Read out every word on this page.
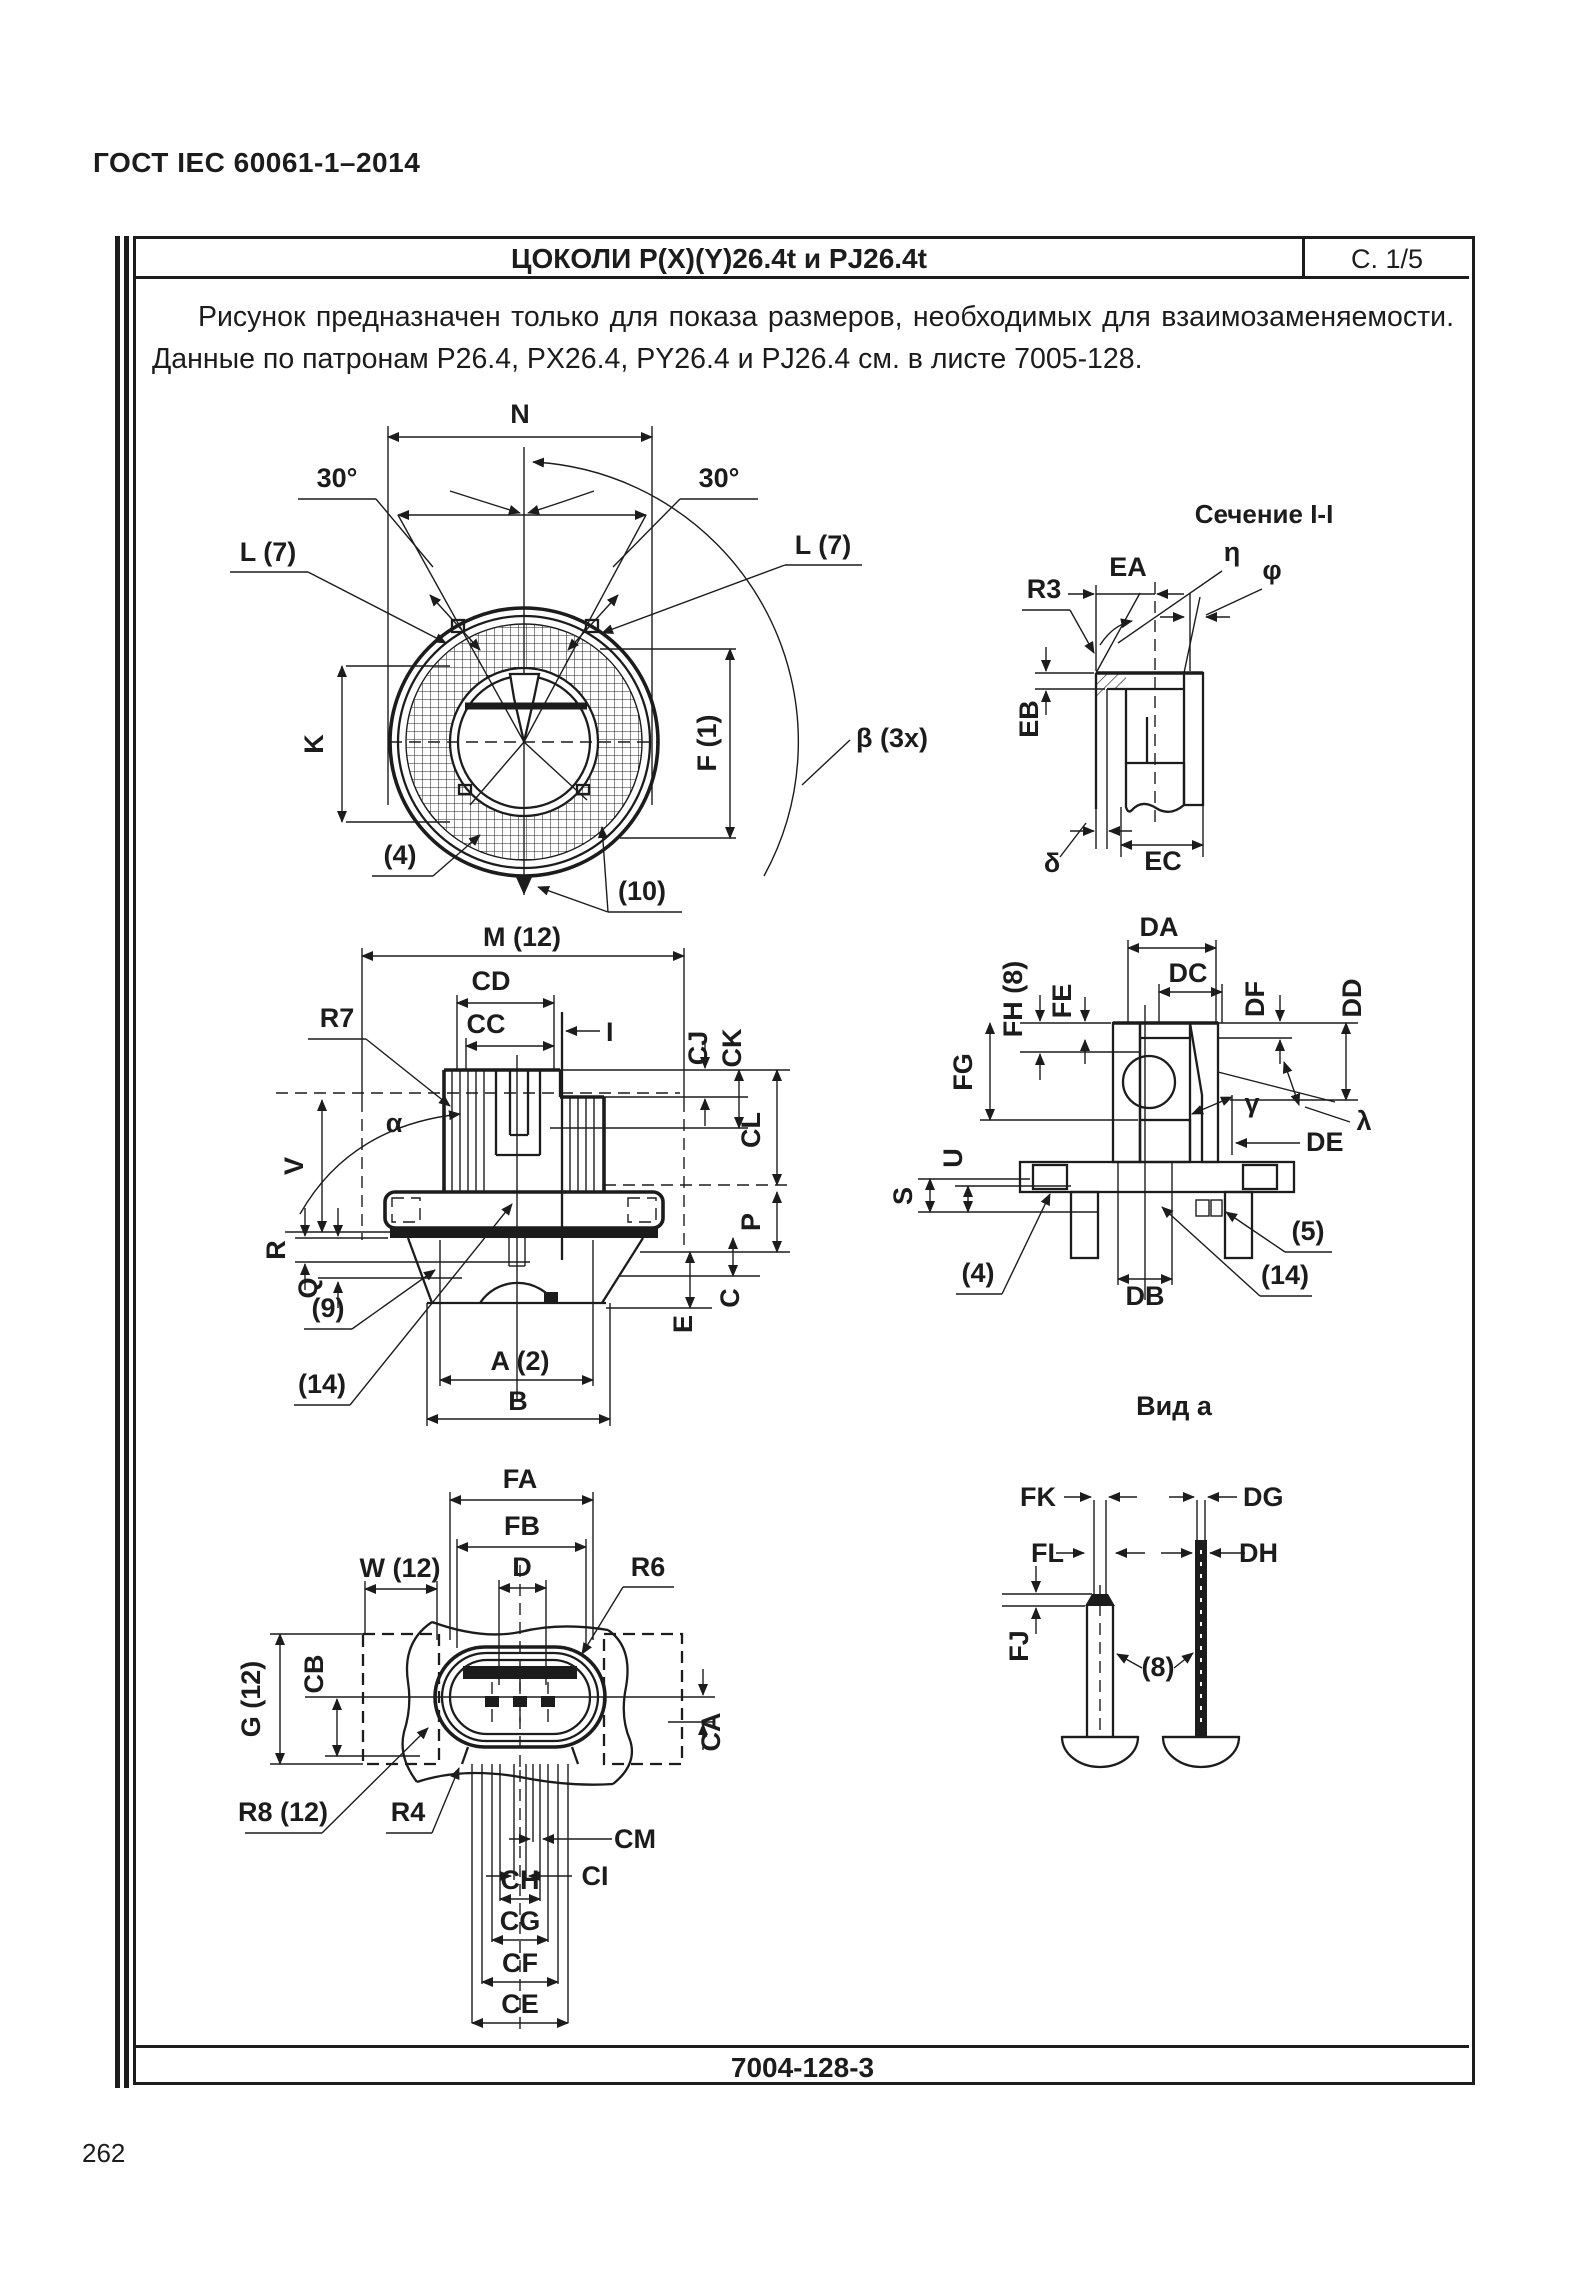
ГОСТ IEC 60061-1–2014
ЦОКОЛИ P(X)(Y)26.4t и PJ26.4t	С. 1/5
Рисунок предназначен только для показа размеров, необходимых для взаимозаменяемости.
Данные по патронам P26.4, PX26.4, PY26.4 и PJ26.4 см. в листе 7005-128.
N
30°	30°
L (7)	L (7)
β (3x)
K	F (1)
(4)
(10)
Сечение I-I
EA	η
φ
R3
EB
δ	EC
M (12)
CD
CC
R7	I	CJ CK
CL
P
C
E
α
V
R
Q
(9)
(14)
A (2)
B
DA
DC
FH (8) FE
FG
DF DD
γ
λ
DE
U
S
(4)
(5)
(14)
DB
Вид a
FA
FB
D
W (12)	R6
G (12) CB
CA
R8 (12) R4
CM
CI
CH
CG
CF
CE
FK
FL
FJ
(8)
DG
DH
7004-128-3
262
